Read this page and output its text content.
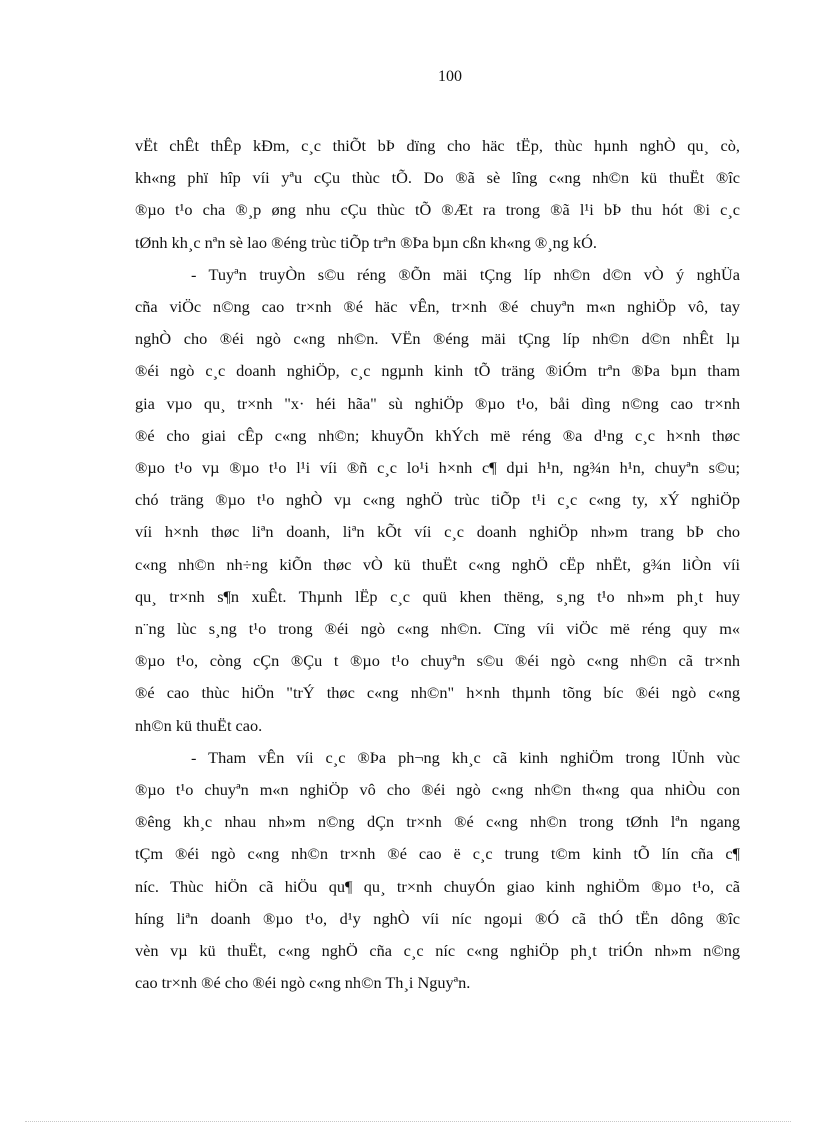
100

vËt chÊt thÊp kÐm, c¸c thiÕt bÞ dïng cho häc tËp, thùc hµnh nghÒ qu¸ cò,
kh«ng phï hîp víi yªu cÇu thùc tÕ. Do ®ã sè lîng c«ng nh©n kü thuËt ®îc
®µo t¹o cha ®¸p øng nhu cÇu thùc tÕ ®Æt ra trong ®ã l¹i bÞ thu hót ®i c¸c
tØnh kh¸c nªn sè lao ®éng trùc tiÕp trªn ®Þa bµn cßn kh«ng ®¸ng kÓ.

- Tuyªn truyÒn s©u réng ®Õn mäi tÇng líp nh©n d©n vÒ ý nghÜa
cña viÖc n©ng cao tr×nh ®é häc vÊn, tr×nh ®é chuyªn m«n nghiÖp vô, tay
nghÒ cho ®éi ngò c«ng nh©n. VËn ®éng mäi tÇng líp nh©n d©n nhÊt lµ
®éi ngò c¸c doanh nghiÖp, c¸c ngµnh kinh tÕ träng ®iÓm trªn ®Þa bµn tham
gia vµo qu¸ tr×nh "x· héi hãa" sù nghiÖp ®µo t¹o, båi dìng n©ng cao tr×nh
®é cho giai cÊp c«ng nh©n; khuyÕn khÝch më réng ®a d¹ng c¸c h×nh thøc
®µo t¹o vµ ®µo t¹o l¹i víi ®ñ c¸c lo¹i h×nh c¶ dµi h¹n, ng¾n h¹n, chuyªn s©u;
chó träng ®µo t¹o nghÒ vµ c«ng nghÖ trùc tiÕp t¹i c¸c c«ng ty, xÝ nghiÖp
víi h×nh thøc liªn doanh, liªn kÕt víi c¸c doanh nghiÖp nh»m trang bÞ cho
c«ng nh©n nh÷ng kiÕn thøc vÒ kü thuËt c«ng nghÖ cËp nhËt, g¾n liÒn víi
qu¸ tr×nh s¶n xuÊt. Thµnh lËp c¸c quü khen thëng, s¸ng t¹o nh»m ph¸t huy
n¨ng lùc s¸ng t¹o trong ®éi ngò c«ng nh©n. Cïng víi viÖc më réng quy m«
®µo t¹o, còng cÇn ®Çu t ®µo t¹o chuyªn s©u ®éi ngò c«ng nh©n cã tr×nh
®é cao thùc hiÖn "trÝ thøc c«ng nh©n" h×nh thµnh tõng bíc ®éi ngò c«ng
nh©n kü thuËt cao.

- Tham vÊn víi c¸c ®Þa ph¬ng kh¸c cã kinh nghiÖm trong lÜnh vùc
®µo t¹o chuyªn m«n nghiÖp vô cho ®éi ngò c«ng nh©n th«ng qua nhiÒu con
®êng kh¸c nhau nh»m n©ng dÇn tr×nh ®é c«ng nh©n trong tØnh lªn ngang
tÇm ®éi ngò c«ng nh©n tr×nh ®é cao ë c¸c trung t©m kinh tÕ lín cña c¶
níc. Thùc hiÖn cã hiÖu qu¶ qu¸ tr×nh chuyÓn giao kinh nghiÖm ®µo t¹o, cã
híng liªn doanh ®µo t¹o, d¹y nghÒ víi níc ngoµi ®Ó cã thÓ tËn dông ®îc
vèn vµ kü thuËt, c«ng nghÖ cña c¸c níc c«ng nghiÖp ph¸t triÓn nh»m n©ng
cao tr×nh ®é cho ®éi ngò c«ng nh©n Th¸i Nguyªn.
